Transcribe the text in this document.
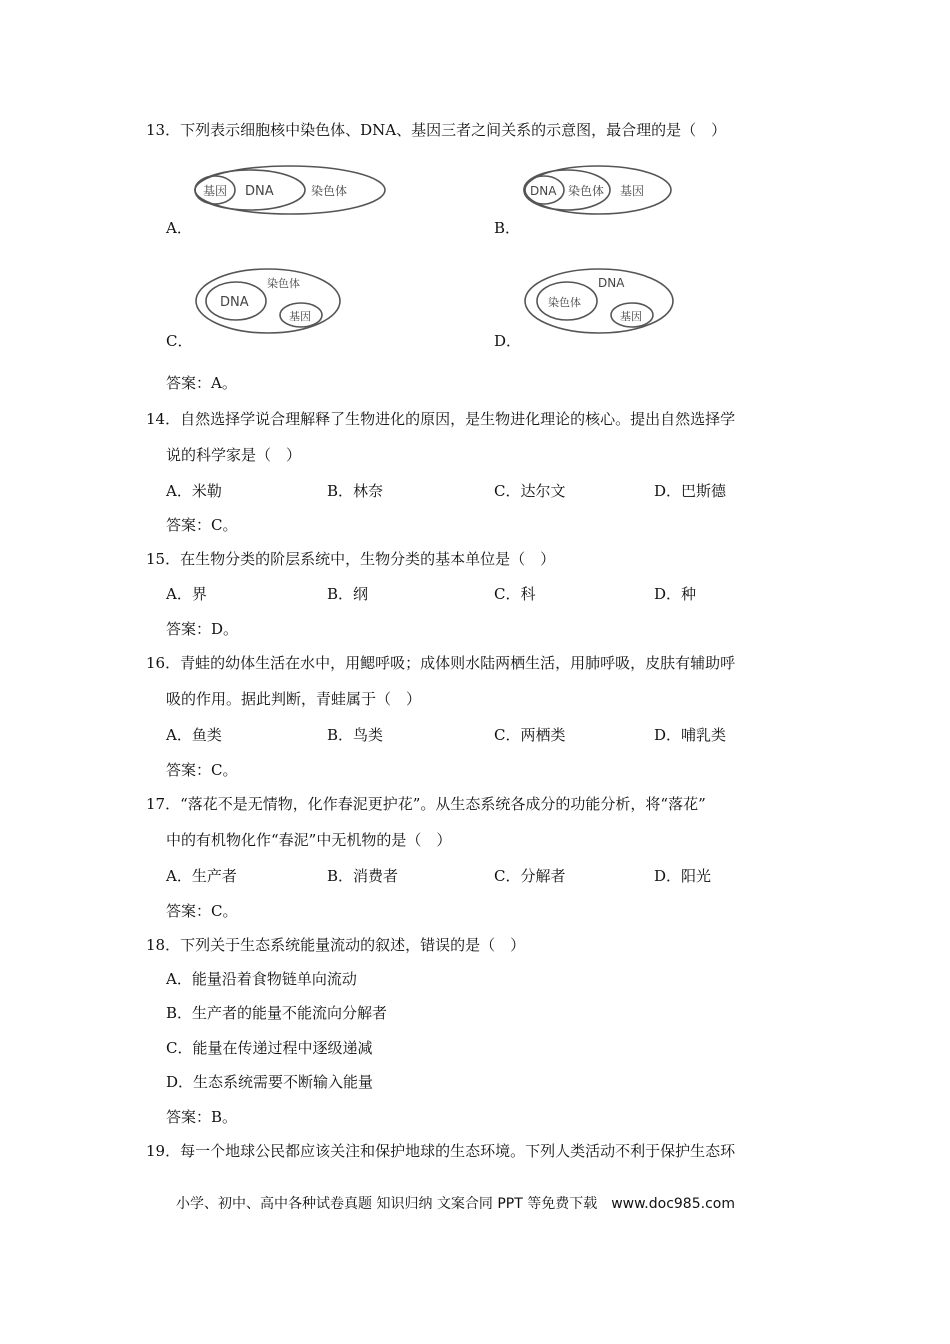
13．下列表示细胞核中染色体、DNA、基因三者之间关系的示意图，最合理的是（　）
A．
基因 DNA	染色体
B．
DNA 染色体 基因
C．
染色体
DNA
基因
D．
DNA
染色体
基因
答案：A。
14．自然选择学说合理解释了生物进化的原因，是生物进化理论的核心。提出自然选择学
说的科学家是（　）
A．米勒	B．林奈	C．达尔文	D．巴斯德
答案：C。
15．在生物分类的阶层系统中，生物分类的基本单位是（　）
A．界	B．纲	C．科	D．种
答案：D。
16．青蛙的幼体生活在水中，用鳃呼吸；成体则水陆两栖生活，用肺呼吸，皮肤有辅助呼
吸的作用。据此判断，青蛙属于（　）
A．鱼类	B．鸟类	C．两栖类	D．哺乳类
答案：C。
17．“落花不是无情物，化作春泥更护花”。从生态系统各成分的功能分析，将“落花”
中的有机物化作“春泥”中无机物的是（　）
A．生产者	B．消费者	C．分解者	D．阳光
答案：C。
18．下列关于生态系统能量流动的叙述，错误的是（　）
A．能量沿着食物链单向流动
B．生产者的能量不能流向分解者
C．能量在传递过程中逐级递减
D．生态系统需要不断输入能量
答案：B。
19．每一个地球公民都应该关注和保护地球的生态环境。下列人类活动不利于保护生态环
小学、初中、高中各种试卷真题 知识归纳 文案合同 PPT 等免费下载　www.doc985.com
